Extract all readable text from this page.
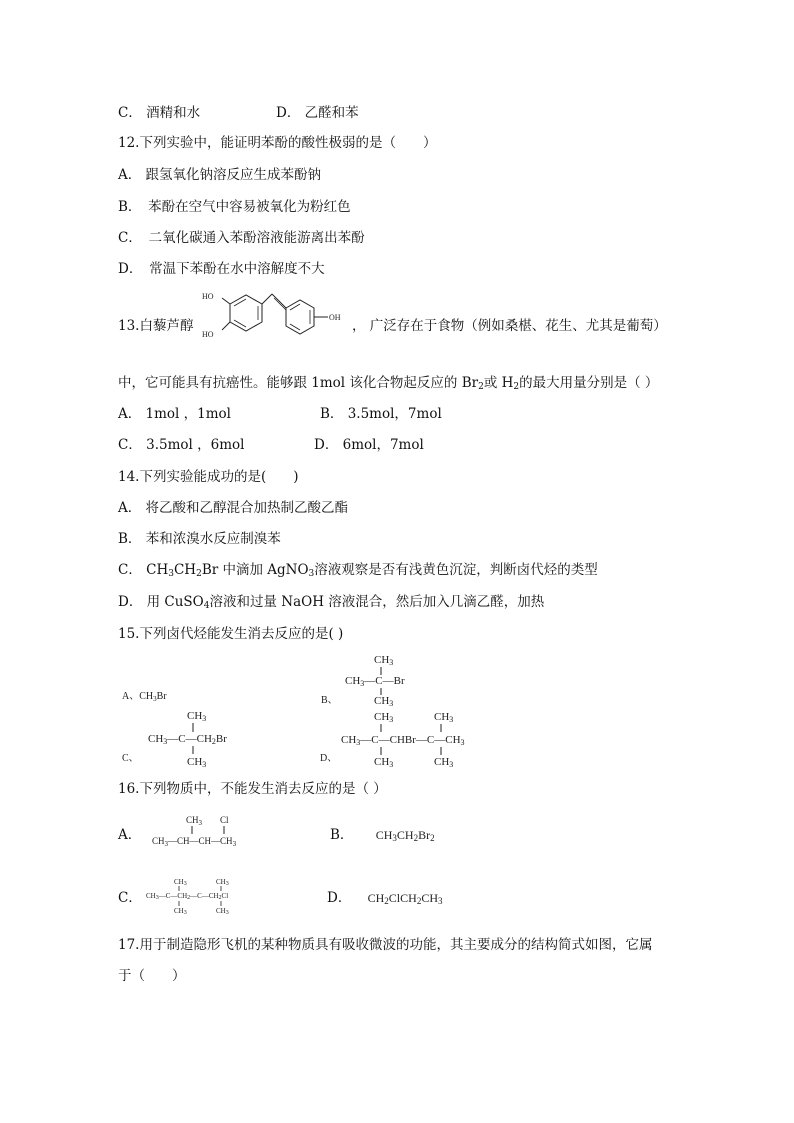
C． 酒精和水	D． 乙醛和苯
12.下列实验中，能证明苯酚的酸性极弱的是（　　）
A． 跟氢氧化钠溶反应生成苯酚钠
B．　苯酚在空气中容易被氧化为粉红色
C．　二氧化碳通入苯酚溶液能游离出苯酚
D．　常温下苯酚在水中溶解度不大
13.白藜芦醇
HO
HO
OH
， 广泛存在于食物（例如桑椹、花生、尤其是葡萄）
中，它可能具有抗癌性。能够跟 1mol 该化合物起反应的 $Br_2$或 $H_2$的最大用量分别是（ ）
A． 1mol ，1mol	B． 3.5mol，7mol
C． 3.5mol ，6mol	D． 6mol，7mol
14.下列实验能成功的是(　　)
A． 将乙酸和乙醇混合加热制乙酸乙酯
B． 苯和浓溴水反应制溴苯
C． $CH_3CH_2Br$ 中滴加 AgNO$_3$溶液观察是否有浅黄色沉淀，判断卤代烃的类型
D． 用 CuSO$_4$溶液和过量 NaOH 溶液混合，然后加入几滴乙醛，加热
15.下列卤代烃能发生消去反应的是( )
A、$CH_3Br$	B、
CH3
CH3—C—Br
CH3
CH3
CH3—C—CH2Br
C、	CH3
CH3	CH3
CH3—C—CHBr—C—CH3
D、	CH3	CH3
16.下列物质中，不能发生消去反应的是（ ）
A．
$CH_3$ Cl
$CH_3—CH—CH—CH_3$
B． $CH_3CH_2Br_2$
C．
CH3	CH3
CH3—C—CH2—C—CH2Cl
CH3	CH3
D． $CH_2ClCH_2CH_3$
17.用于制造隐形飞机的某种物质具有吸收微波的功能，其主要成分的结构简式如图，它属
于（　　）
